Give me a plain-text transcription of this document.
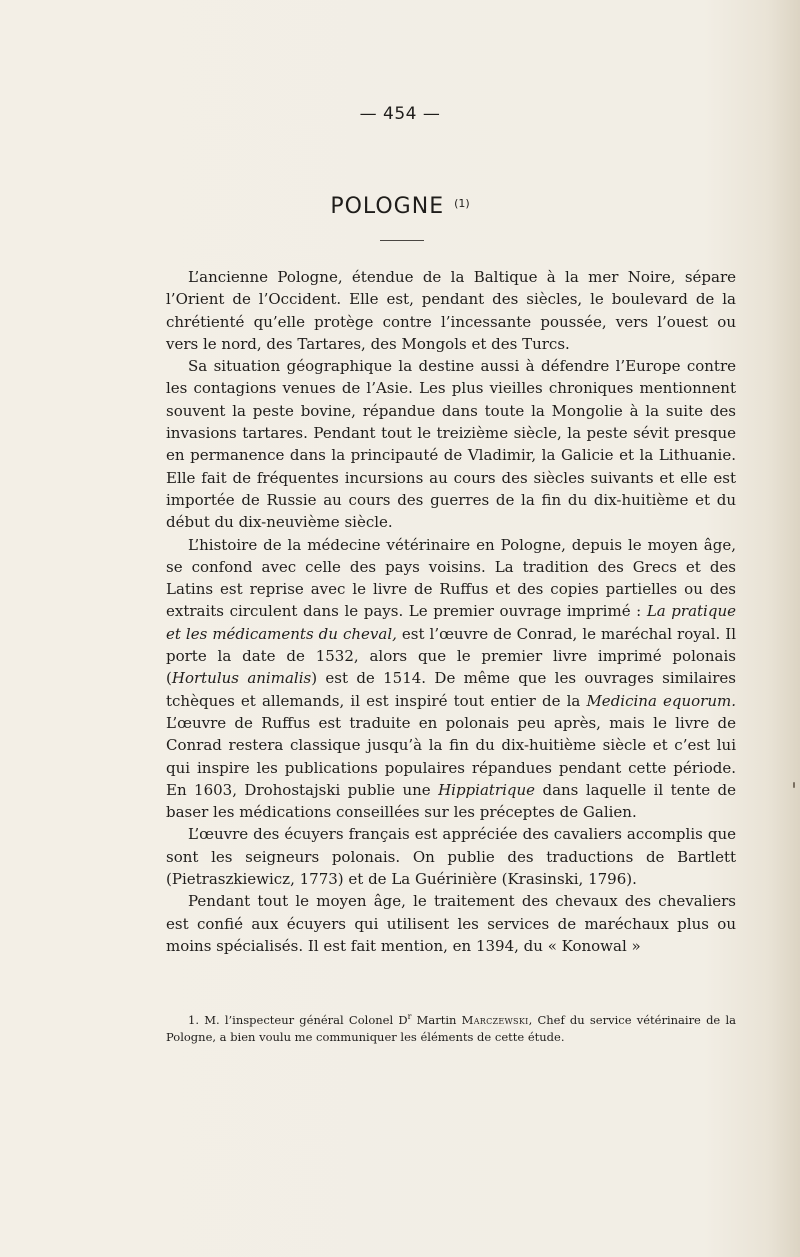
— 454 —
POLOGNE $^{(1)}$

L’ancienne Pologne, étendue de la Baltique à la mer Noire, sépare l’Orient de l’Occident. Elle est, pendant des siècles, le boulevard de la chrétienté qu’elle protège contre l’incessante poussée, vers l’ouest ou vers le nord, des Tartares, des Mongols et des Turcs.

Sa situation géographique la destine aussi à défendre l’Europe contre les contagions venues de l’Asie. Les plus vieilles chroniques mentionnent souvent la peste bovine, répandue dans toute la Mongolie à la suite des invasions tartares. Pendant tout le treizième siècle, la peste sévit presque en permanence dans la principauté de Vladimir, la Galicie et la Lithuanie. Elle fait de fréquentes incursions au cours des siècles suivants et elle est importée de Russie au cours des guerres de la fin du dix-huitième et du début du dix-neuvième siècle.

L’histoire de la médecine vétérinaire en Pologne, depuis le moyen âge, se confond avec celle des pays voisins. La tradition des Grecs et des Latins est reprise avec le livre de Ruffus et des copies partielles ou des extraits circulent dans le pays. Le premier ouvrage imprimé : La pratique et les médicaments du cheval, est l’œuvre de Conrad, le maréchal royal. Il porte la date de 1532, alors que le premier livre imprimé polonais (Hortulus animalis) est de 1514. De même que les ouvrages similaires tchèques et allemands, il est inspiré tout entier de la Medicina equorum. L’œuvre de Ruffus est traduite en polonais peu après, mais le livre de Conrad restera classique jusqu’à la fin du dix-huitième siècle et c’est lui qui inspire les publications populaires répandues pendant cette période. En 1603, Drohostajski publie une Hippiatrique dans laquelle il tente de baser les médications conseillées sur les préceptes de Galien.

L’œuvre des écuyers français est appréciée des cavaliers accomplis que sont les seigneurs polonais. On publie des traductions de Bartlett (Pietraszkiewicz, 1773) et de La Guérinière (Krasinski, 1796).

Pendant tout le moyen âge, le traitement des chevaux des chevaliers est confié aux écuyers qui utilisent les services de maréchaux plus ou moins spécialisés. Il est fait mention, en 1394, du « Konowal »

1. M. l’inspecteur général Colonel $D^r$ Martin Marczewski, Chef du service vétérinaire de la Pologne, a bien voulu me communiquer les éléments de cette étude.
